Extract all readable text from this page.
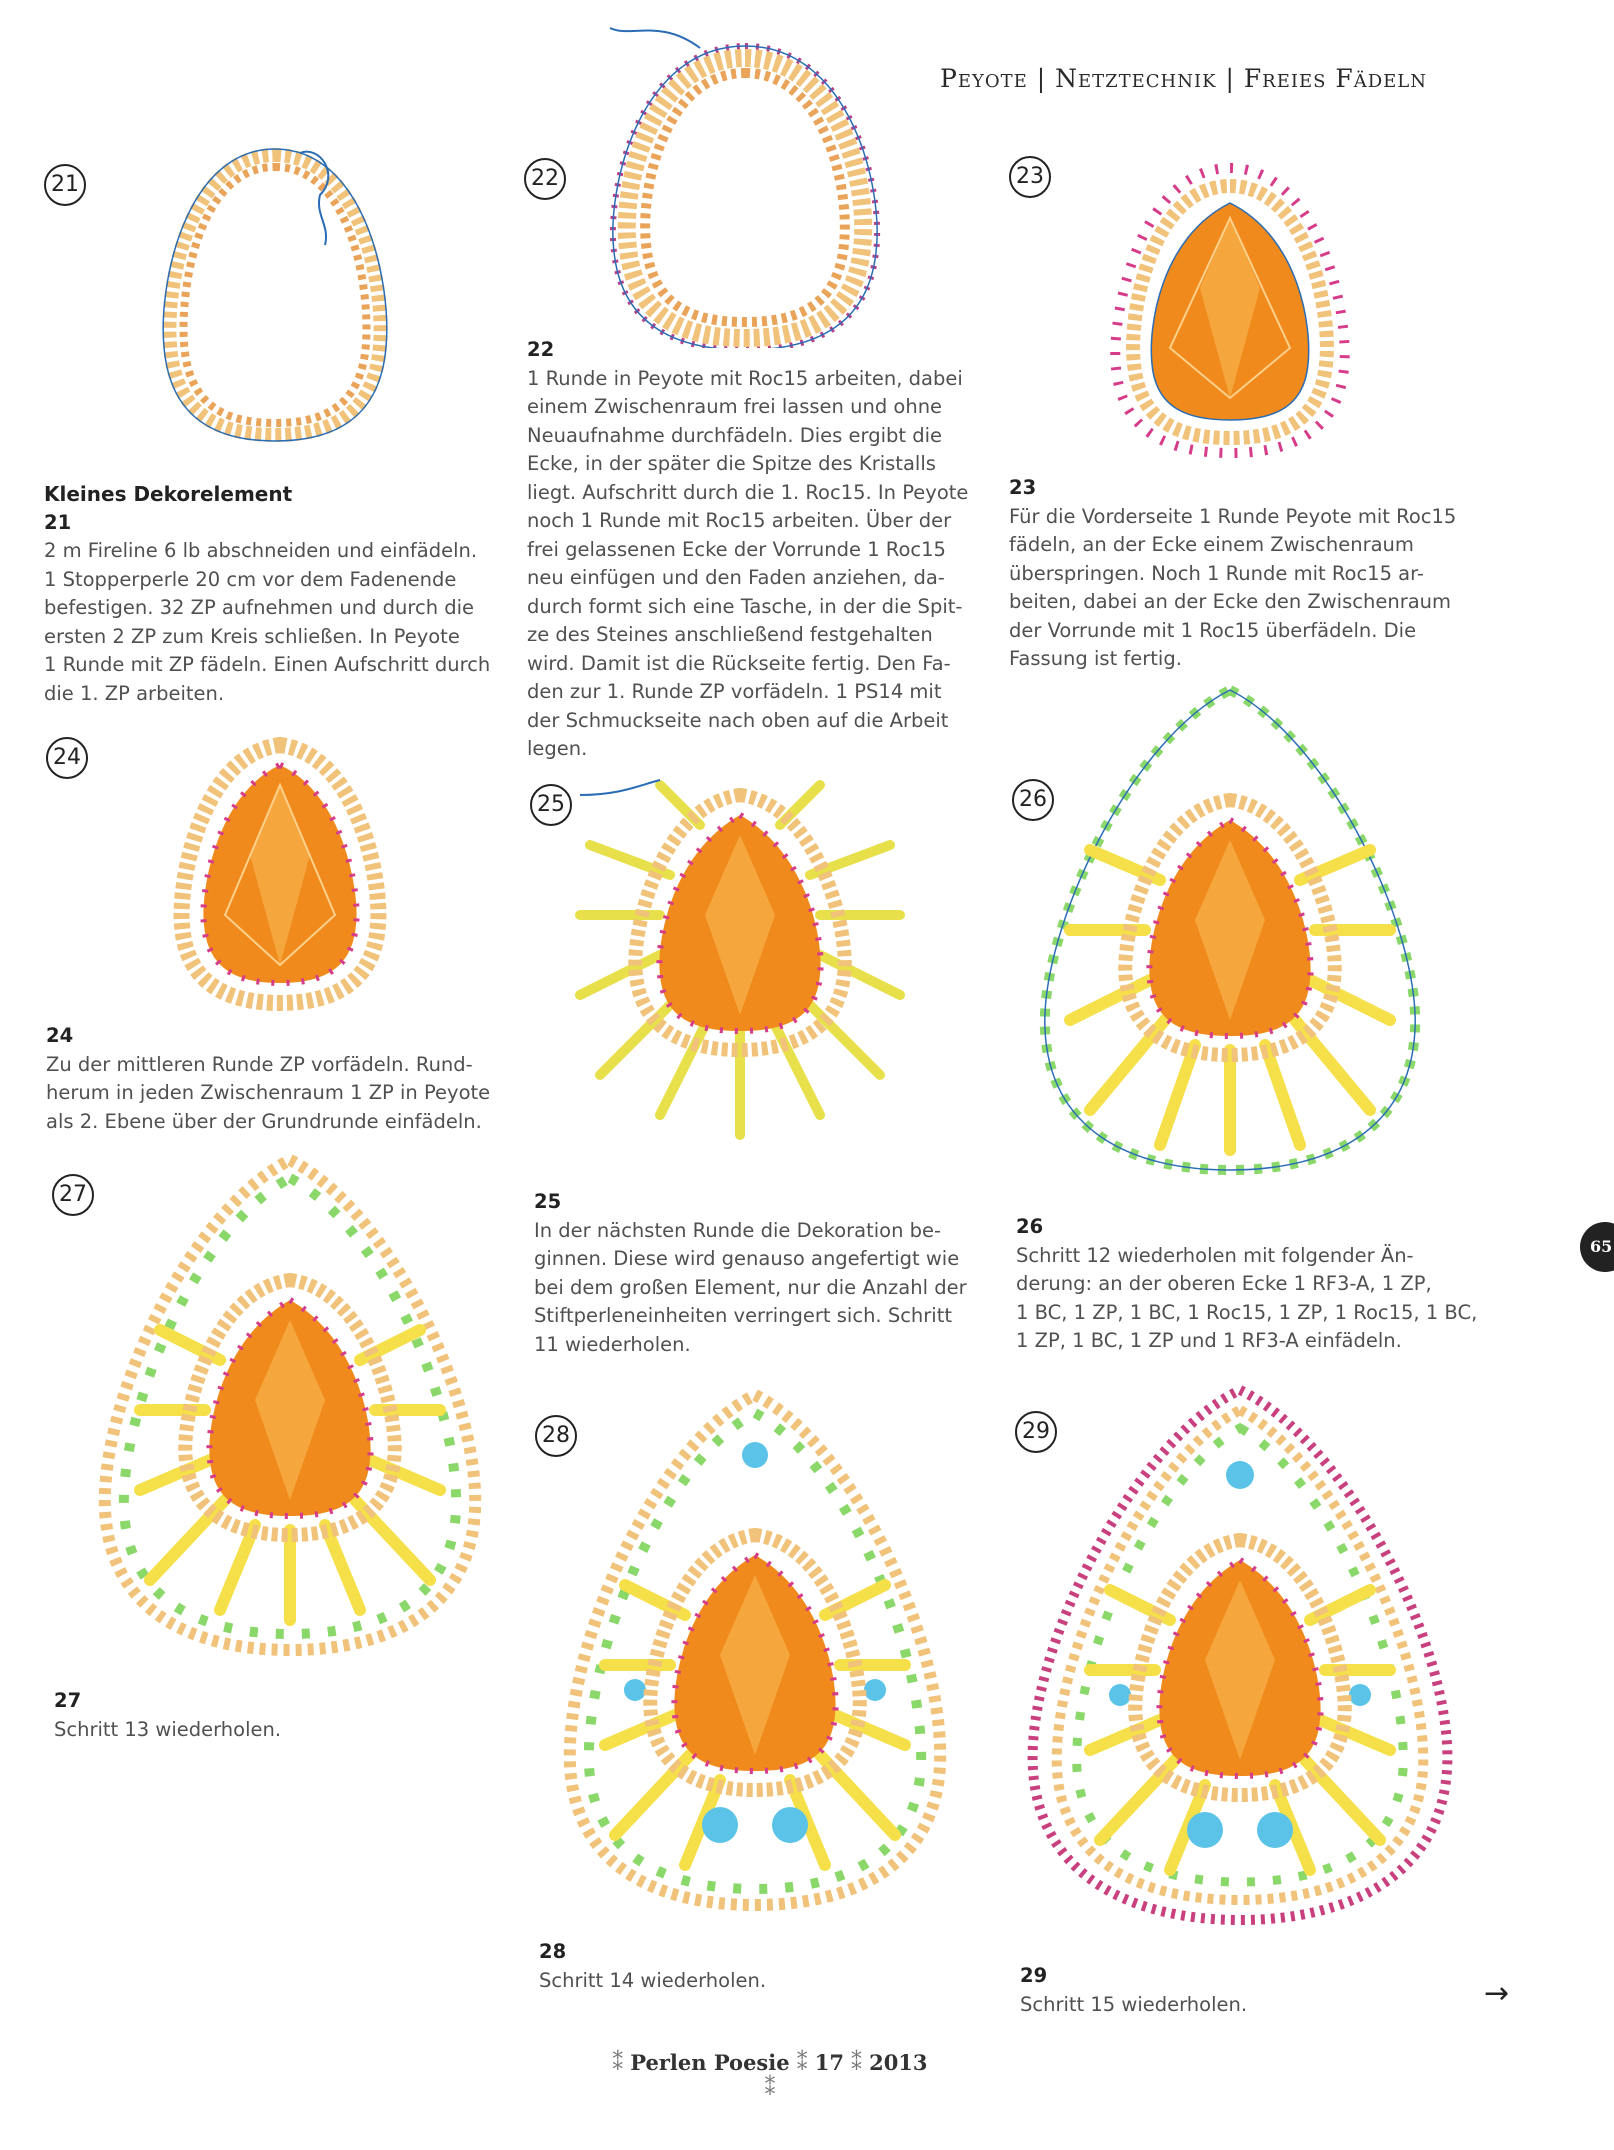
Peyote | Netztechnik | Freies Fädeln
21	22	23
24
25	26
27
28	29
Kleines Dekorelement
21
2 m Fireline 6 lb abschneiden und einfädeln.
1 Stopperperle 20 cm vor dem Fadenende
befestigen. 32 ZP aufnehmen und durch die
ersten 2 ZP zum Kreis schließen. In Peyote
1 Runde mit ZP fädeln. Einen Aufschritt durch
die 1. ZP arbeiten.
22
1 Runde in Peyote mit Roc15 arbeiten, dabei
einem Zwischenraum frei lassen und ohne
Neuaufnahme durchfädeln. Dies ergibt die
Ecke, in der später die Spitze des Kristalls
liegt. Aufschritt durch die 1. Roc15. In Peyote
noch 1 Runde mit Roc15 arbeiten. Über der
frei gelassenen Ecke der Vorrunde 1 Roc15
neu einfügen und den Faden anziehen, da-
durch formt sich eine Tasche, in der die Spit-
ze des Steines anschließend festgehalten
wird. Damit ist die Rückseite fertig. Den Fa-
den zur 1. Runde ZP vorfädeln. 1 PS14 mit
der Schmuckseite nach oben auf die Arbeit
legen.
23
Für die Vorderseite 1 Runde Peyote mit Roc15
fädeln, an der Ecke einem Zwischenraum
überspringen. Noch 1 Runde mit Roc15 ar-
beiten, dabei an der Ecke den Zwischenraum
der Vorrunde mit 1 Roc15 überfädeln. Die
Fassung ist fertig.
24
Zu der mittleren Runde ZP vorfädeln. Rund-
herum in jeden Zwischenraum 1 ZP in Peyote
als 2. Ebene über der Grundrunde einfädeln.
25
In der nächsten Runde die Dekoration be-
ginnen. Diese wird genauso angefertigt wie
bei dem großen Element, nur die Anzahl der
Stiftperleneinheiten verringert sich. Schritt
11 wiederholen.
26
Schritt 12 wiederholen mit folgender Än-
derung: an der oberen Ecke 1 RF3-A, 1 ZP,
1 BC, 1 ZP, 1 BC, 1 Roc15, 1 ZP, 1 Roc15, 1 BC,
1 ZP, 1 BC, 1 ZP und 1 RF3-A einfädeln.
27
Schritt 13 wiederholen.
28
Schritt 14 wiederholen.	29
Schritt 15 wiederholen.
65
→
⁑ Perlen Poesie ⁑ 17 ⁑ 2013 ⁑
